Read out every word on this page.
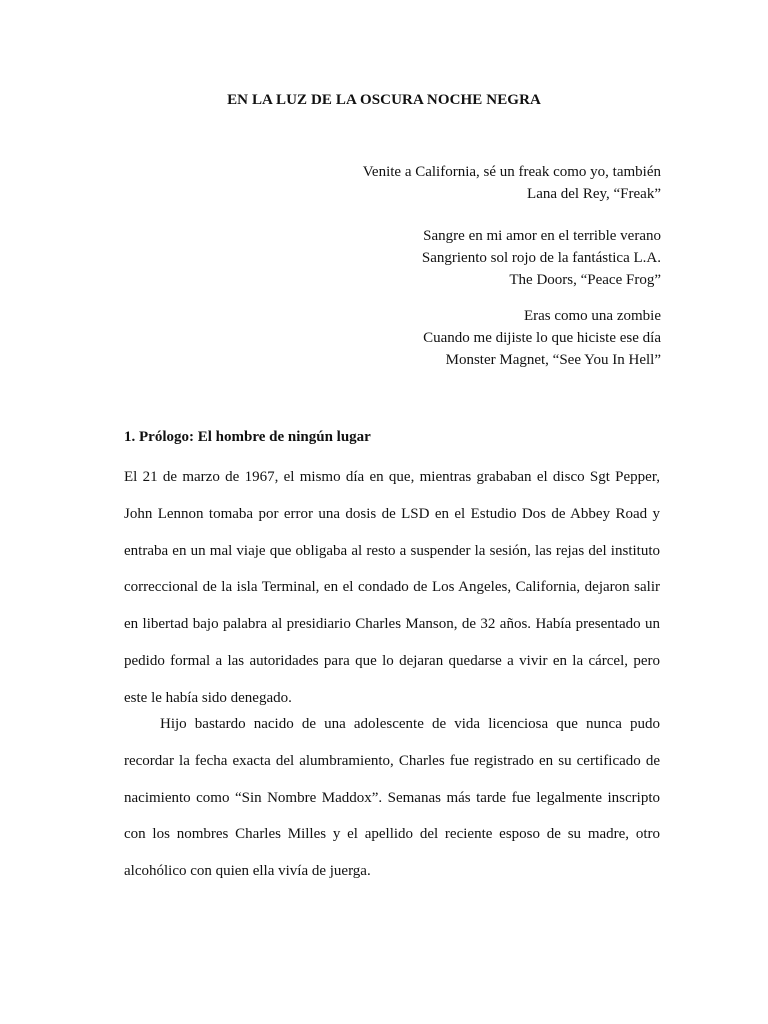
EN LA LUZ DE LA OSCURA NOCHE NEGRA
Venite a California, sé un freak como yo, también
Lana del Rey, “Freak”
Sangre en mi amor en el terrible verano
Sangriento sol rojo de la fantástica L.A.
The Doors, “Peace Frog”
Eras como una zombie
Cuando me dijiste lo que hiciste ese día
Monster Magnet, “See You In Hell”
1. Prólogo: El hombre de ningún lugar

El 21 de marzo de 1967, el mismo día en que, mientras grababan el disco Sgt Pepper, John Lennon tomaba por error una dosis de LSD en el Estudio Dos de Abbey Road y entraba en un mal viaje que obligaba al resto a suspender la sesión, las rejas del instituto correccional de la isla Terminal, en el condado de Los Angeles, California, dejaron salir en libertad bajo palabra al presidiario Charles Manson, de 32 años. Había presentado un pedido formal a las autoridades para que lo dejaran quedarse a vivir en la cárcel, pero este le había sido denegado.

Hijo bastardo nacido de una adolescente de vida licenciosa que nunca pudo recordar la fecha exacta del alumbramiento, Charles fue registrado en su certificado de nacimiento como “Sin Nombre Maddox”. Semanas más tarde fue legalmente inscripto con los nombres Charles Milles y el apellido del reciente esposo de su madre, otro alcohólico con quien ella vivía de juerga.
